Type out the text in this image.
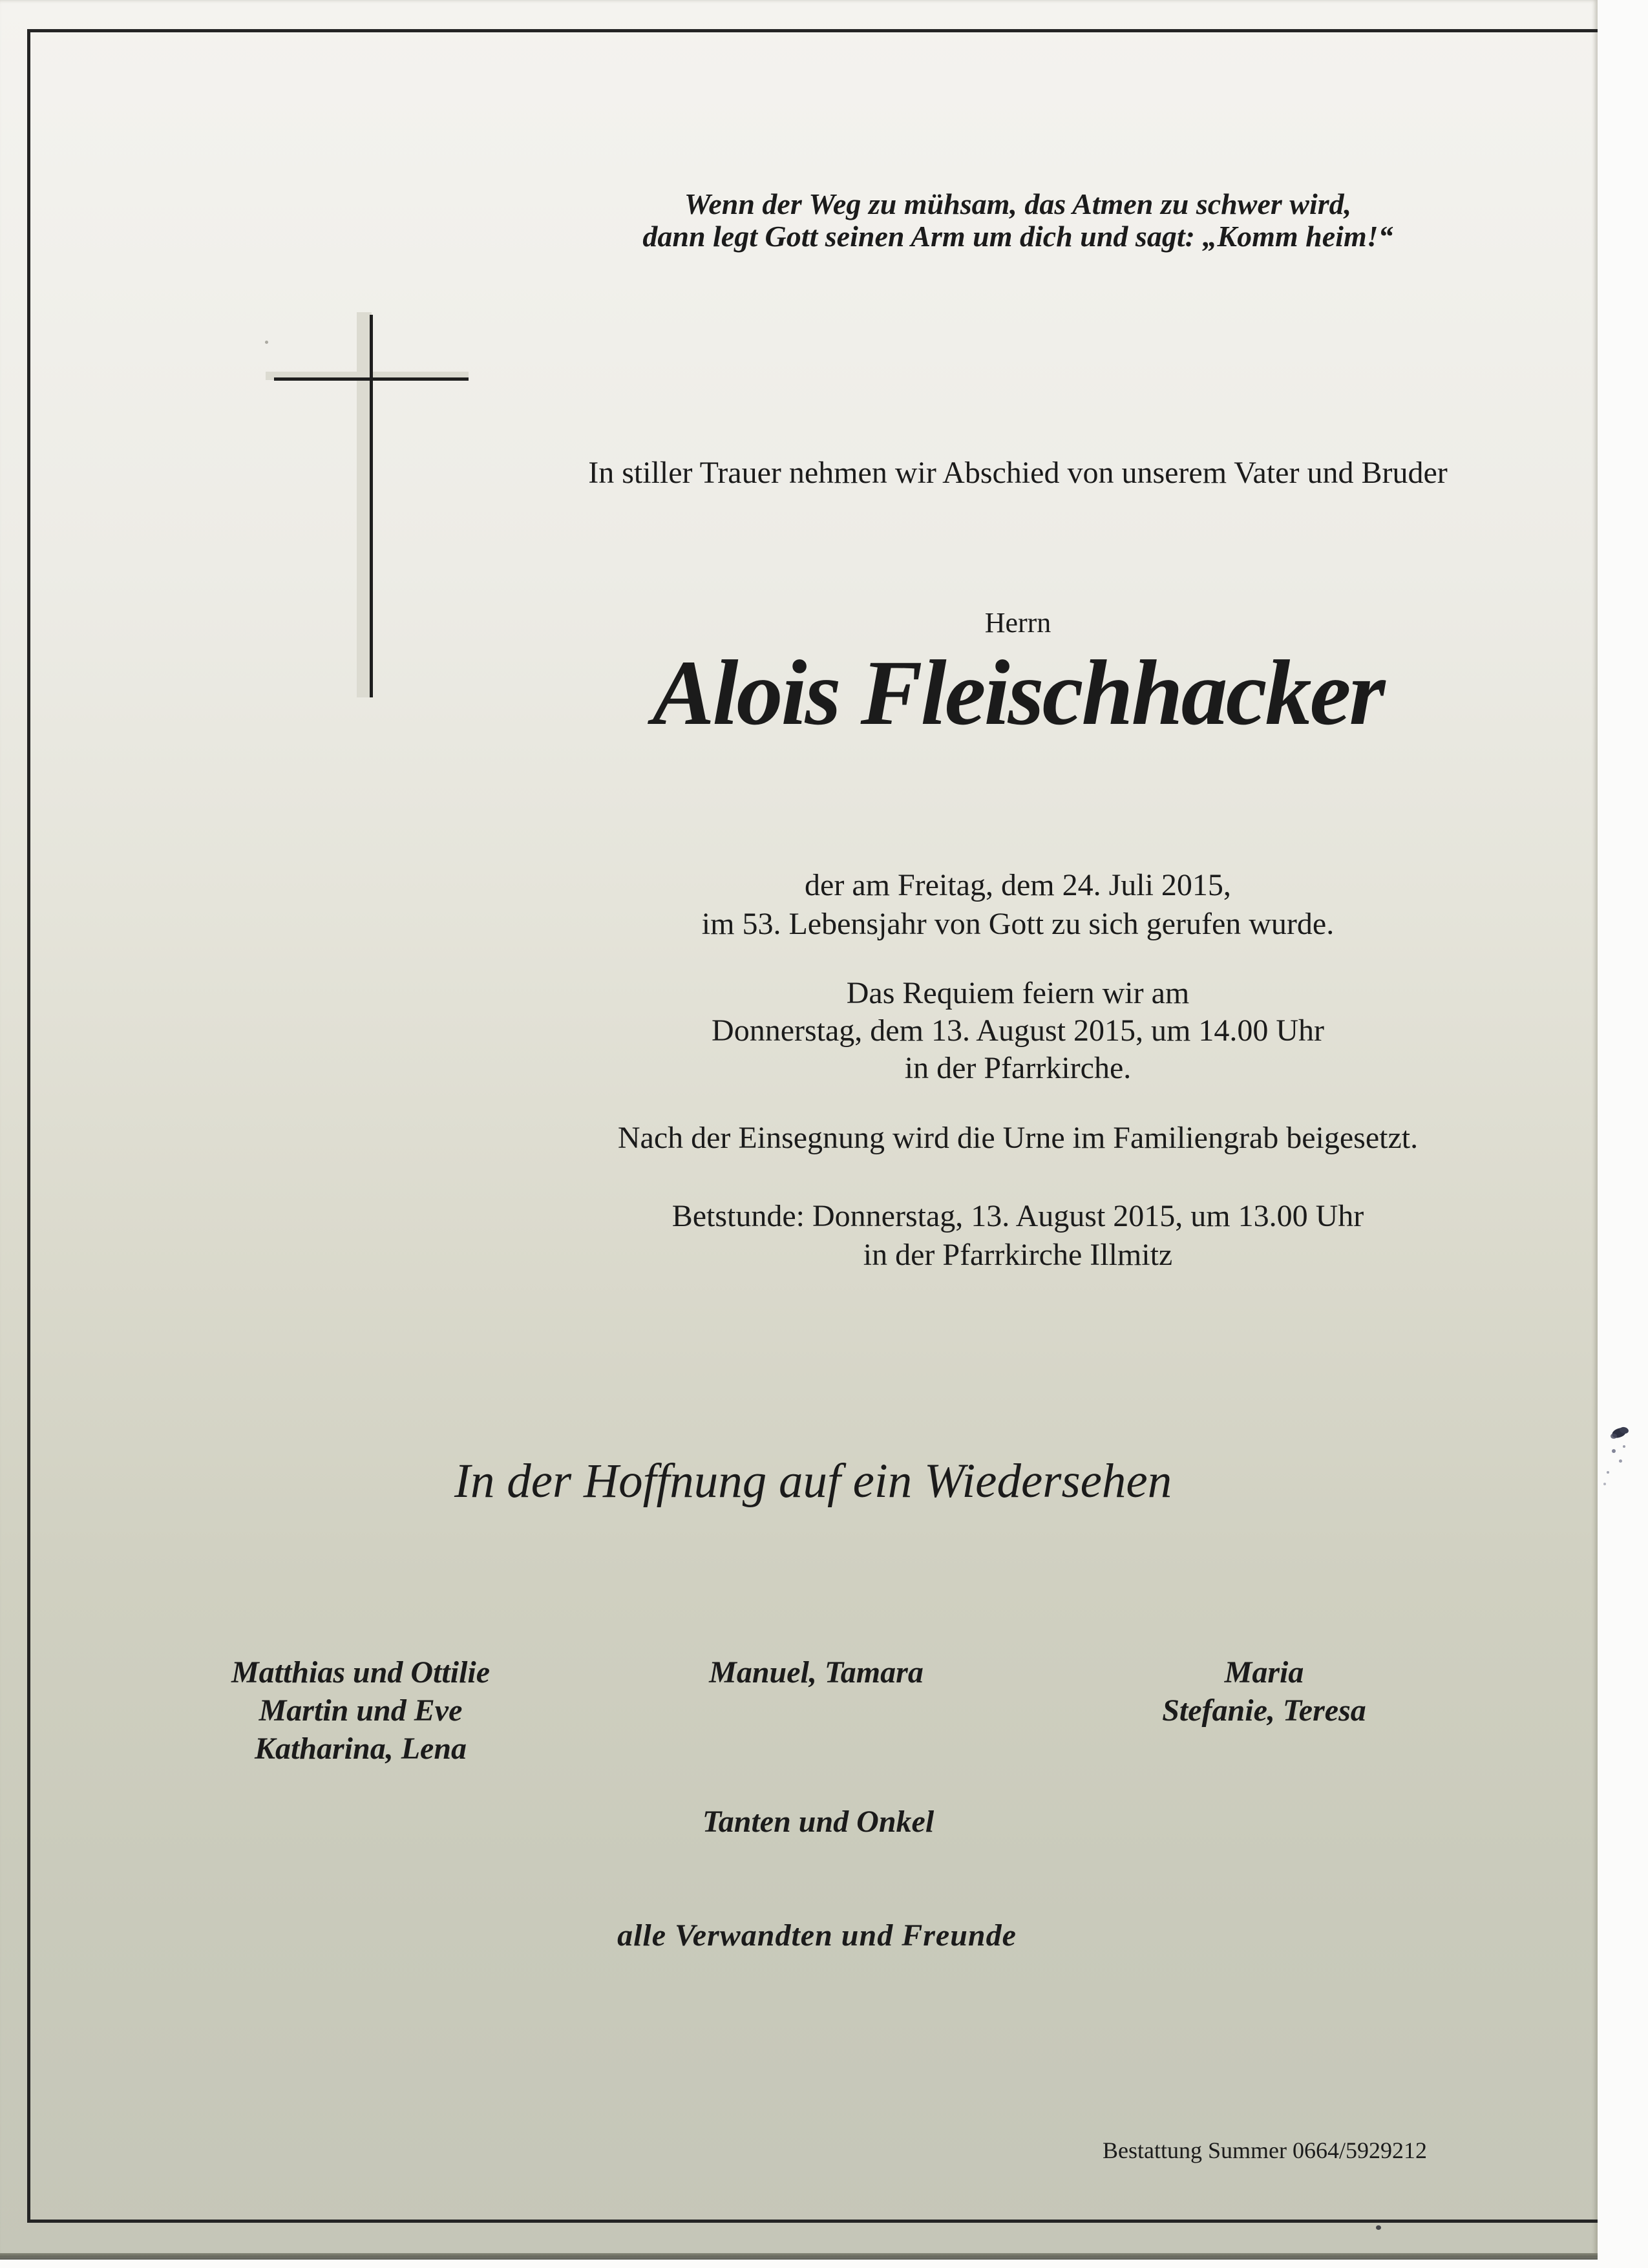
Wenn der Weg zu mühsam, das Atmen zu schwer wird,
dann legt Gott seinen Arm um dich und sagt: „Komm heim!“
In stiller Trauer nehmen wir Abschied von unserem Vater und Bruder
Herrn
Alois Fleischhacker
der am Freitag, dem 24. Juli 2015,
im 53. Lebensjahr von Gott zu sich gerufen wurde.
Das Requiem feiern wir am
Donnerstag, dem 13. August 2015, um 14.00 Uhr
in der Pfarrkirche.
Nach der Einsegnung wird die Urne im Familiengrab beigesetzt.
Betstunde: Donnerstag, 13. August 2015, um 13.00 Uhr
in der Pfarrkirche Illmitz
In der Hoffnung auf ein Wiedersehen
Matthias und Ottilie
Martin und Eve
Katharina, Lena
Manuel, Tamara	Maria
Stefanie, Teresa
Tanten und Onkel
alle Verwandten und Freunde
Bestattung Summer 0664/5929212
